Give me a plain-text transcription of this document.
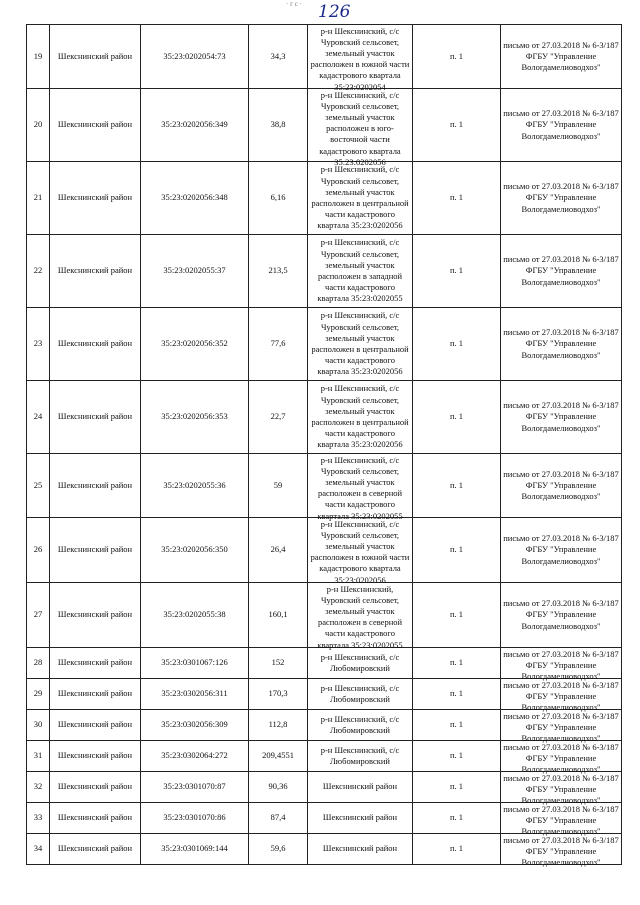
· г с · 126
19	Шекснинский район	35:23:0202054:73	34,3	р-н Шекснинский, с/с Чуровский сельсовет, земельный участок расположен в южной части кадастрового квартала 35:23:0202054	п. 1	письмо от 27.03.2018 № 6-3/187 ФГБУ "Управление Вологдамелиоводхоз"

20	Шекснинский район	35:23:0202056:349	38,8	р-н Шекснинский, с/с Чуровский сельсовет, земельный участок расположен в юго-восточной части кадастрового квартала 35:23:0202056	п. 1	письмо от 27.03.2018 № 6-3/187 ФГБУ "Управление Вологдамелиоводхоз"

21	Шекснинский район	35:23:0202056:348	6,16	р-н Шекснинский, с/с Чуровский сельсовет, земельный участок расположен в центральной части кадастрового квартала 35:23:0202056	п. 1	письмо от 27.03.2018 № 6-3/187 ФГБУ "Управление Вологдамелиоводхоз"

22	Шекснинский район	35:23:0202055:37	213,5	р-н Шекснинский, с/с Чуровский сельсовет, земельный участок расположен в западной части кадастрового квартала 35:23:0202055	п. 1	письмо от 27.03.2018 № 6-3/187 ФГБУ "Управление Вологдамелиоводхоз"

23	Шекснинский район	35:23:0202056:352	77,6	р-н Шекснинский, с/с Чуровский сельсовет, земельный участок расположен в центральной части кадастрового квартала 35:23:0202056	п. 1	письмо от 27.03.2018 № 6-3/187 ФГБУ "Управление Вологдамелиоводхоз"

24	Шекснинский район	35:23:0202056:353	22,7	р-н Шекснинский, с/с Чуровский сельсовет, земельный участок расположен в центральной части кадастрового квартала 35:23:0202056	п. 1	письмо от 27.03.2018 № 6-3/187 ФГБУ "Управление Вологдамелиоводхоз"

25	Шекснинский район	35:23:0202055:36	59	р-н Шекснинский, с/с Чуровский сельсовет, земельный участок расположен в северной части кадастрового квартала 35:23:0202055	п. 1	письмо от 27.03.2018 № 6-3/187 ФГБУ "Управление Вологдамелиоводхоз"

26	Шекснинский район	35:23:0202056:350	26,4	р-н Шекснинский, с/с Чуровский сельсовет, земельный участок расположен в южной части кадастрового квартала 35:23:0202056	п. 1	письмо от 27.03.2018 № 6-3/187 ФГБУ "Управление Вологдамелиоводхоз"

27	Шекснинский район	35:23:0202055:38	160,1	р-н Шекснинский, Чуровский сельсовет, земельный участок расположен в северной части кадастрового квартала 35:23:0202055	п. 1	письмо от 27.03.2018 № 6-3/187 ФГБУ "Управление Вологдамелиоводхоз"

28	Шекснинский район	35:23:0301067:126	152	р-н Шекснинский, с/с Любомировский	п. 1	письмо от 27.03.2018 № 6-3/187 ФГБУ "Управление Вологдамелиоводхоз"

29	Шекснинский район	35:23:0302056:311	170,3	р-н Шекснинский, с/с Любомировский	п. 1	письмо от 27.03.2018 № 6-3/187 ФГБУ "Управление Вологдамелиоводхоз"

30	Шекснинский район	35:23:0302056:309	112,8	р-н Шекснинский, с/с Любомировский	п. 1	письмо от 27.03.2018 № 6-3/187 ФГБУ "Управление Вологдамелиоводхоз"

31	Шекснинский район	35:23:0302064:272	209,4551	р-н Шекснинский, с/с Любомировский	п. 1	письмо от 27.03.2018 № 6-3/187 ФГБУ "Управление Вологдамелиоводхоз"

32	Шекснинский район	35:23:0301070:87	90,36	Шекснинский район	п. 1	письмо от 27.03.2018 № 6-3/187 ФГБУ "Управление Вологдамелиоводхоз"

33	Шекснинский район	35:23:0301070:86	87,4	Шекснинский район	п. 1	письмо от 27.03.2018 № 6-3/187 ФГБУ "Управление Вологдамелиоводхоз"

34	Шекснинский район	35:23:0301069:144	59,6	Шекснинский район	п. 1	письмо от 27.03.2018 № 6-3/187 ФГБУ "Управление Вологдамелиоводхоз"
